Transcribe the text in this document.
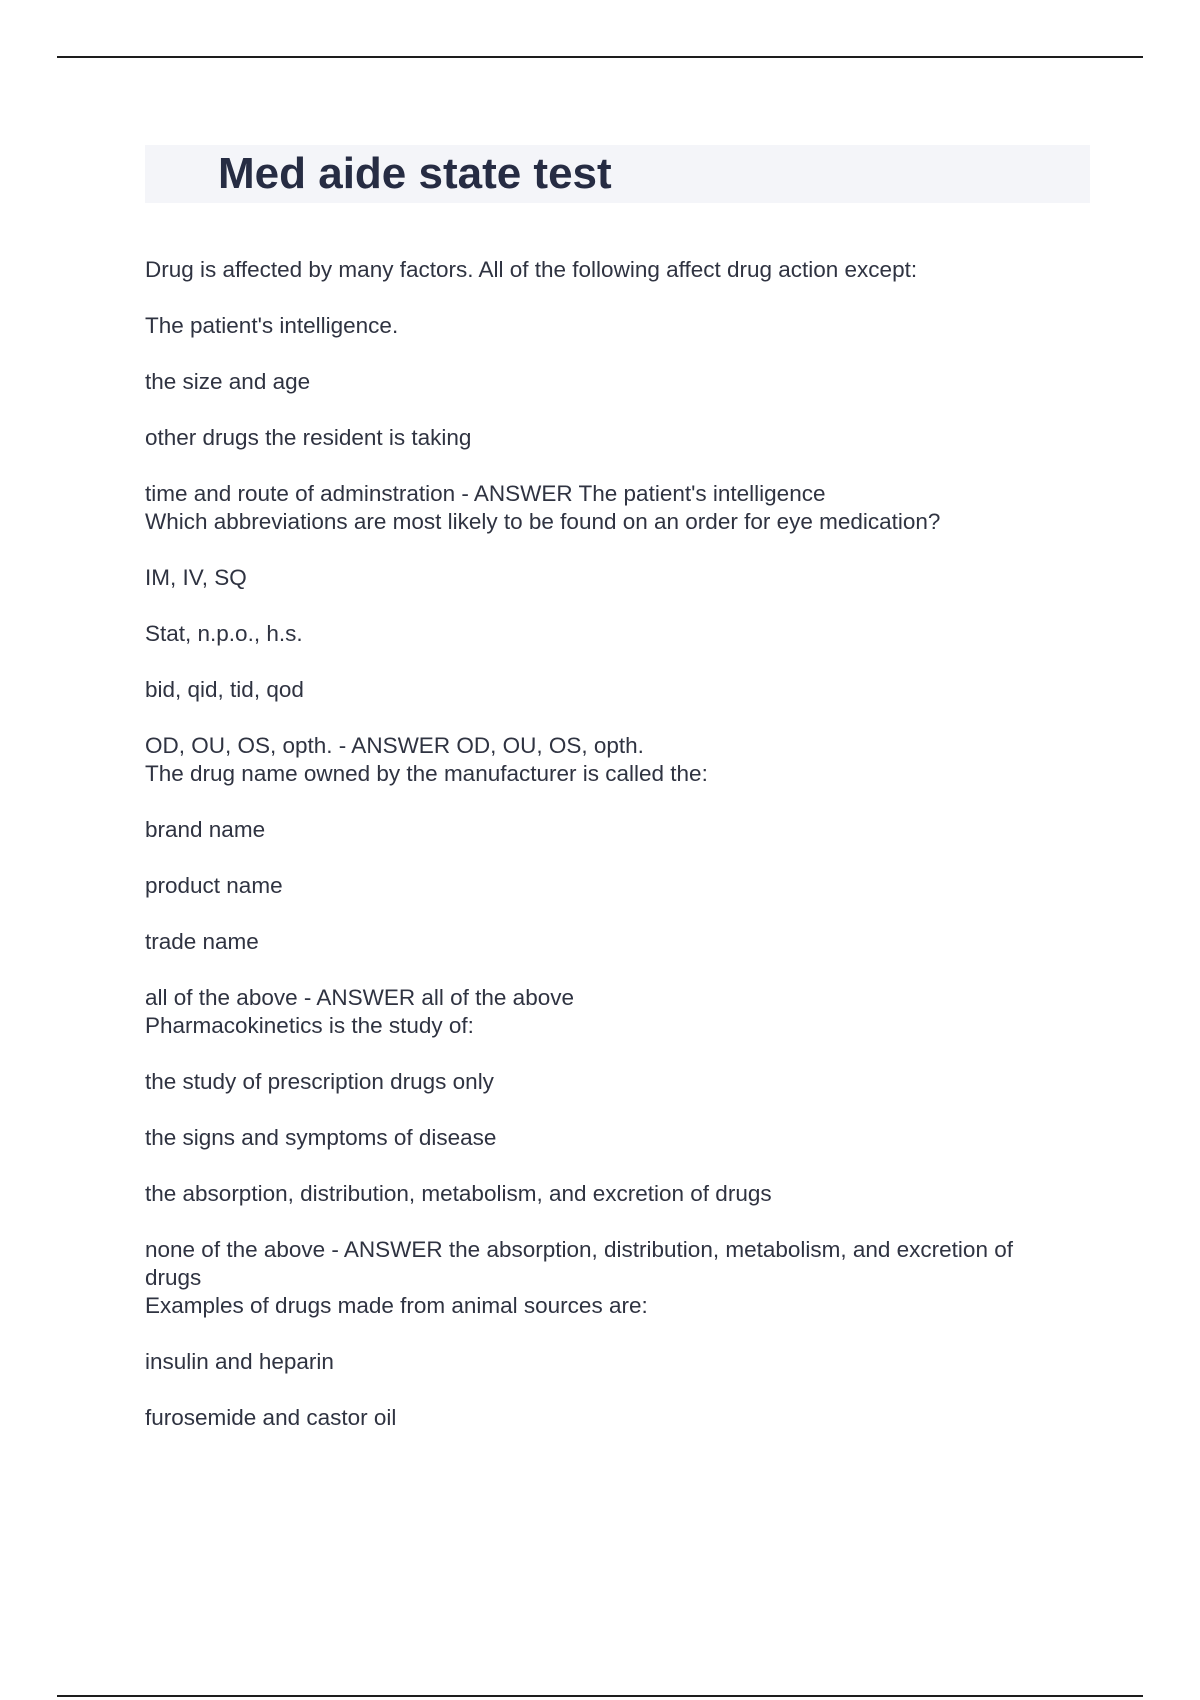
Med aide state test

Drug is affected by many factors. All of the following affect drug action except:

The patient's intelligence.

the size and age

other drugs the resident is taking

time and route of adminstration - ANSWER The patient's intelligence
Which abbreviations are most likely to be found on an order for eye medication?

IM, IV, SQ

Stat, n.p.o., h.s.

bid, qid, tid, qod

OD, OU, OS, opth. - ANSWER OD, OU, OS, opth.
The drug name owned by the manufacturer is called the:

brand name

product name

trade name

all of the above - ANSWER all of the above
Pharmacokinetics is the study of:

the study of prescription drugs only

the signs and symptoms of disease

the absorption, distribution, metabolism, and excretion of drugs

none of the above - ANSWER the absorption, distribution, metabolism, and excretion of
drugs
Examples of drugs made from animal sources are:

insulin and heparin

furosemide and castor oil
